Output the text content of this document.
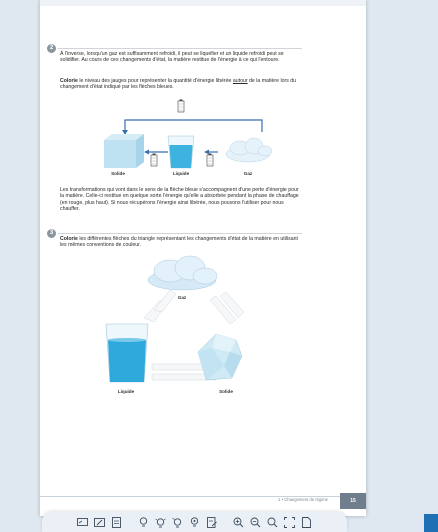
2
À l'inverse, lorsqu'un gaz est suffisamment refroidi, il peut se liquéfier et un liquide refroidi peut se solidifier. Au cours de ces changements d'état, la matière restitue de l'énergie à ce qui l'entoure.
Colorie le niveau des jauges pour représenter la quantité d'énergie libérée autour de la matière lors du changement d'état indiqué par les flèches bleues.
Solide	Liquide	Gaz
Les transformations qui vont dans le sens de la flèche bleue s'accompagnent d'une perte d'énergie pour la matière. Celle-ci restitue en quelque sorte l'énergie qu'elle a absorbée pendant la phase de chauffage (en rouge, plus haut). Si nous récupérons l'énergie ainsi libérée, nous pouvons l'utiliser pour nous chauffer.
3
Colorie les différentes flèches du triangle représentant les changements d'état de la matière en utilisant les mêmes conventions de couleur.
Gaz
Liquide	Solide
1 • Changement de régime	15
